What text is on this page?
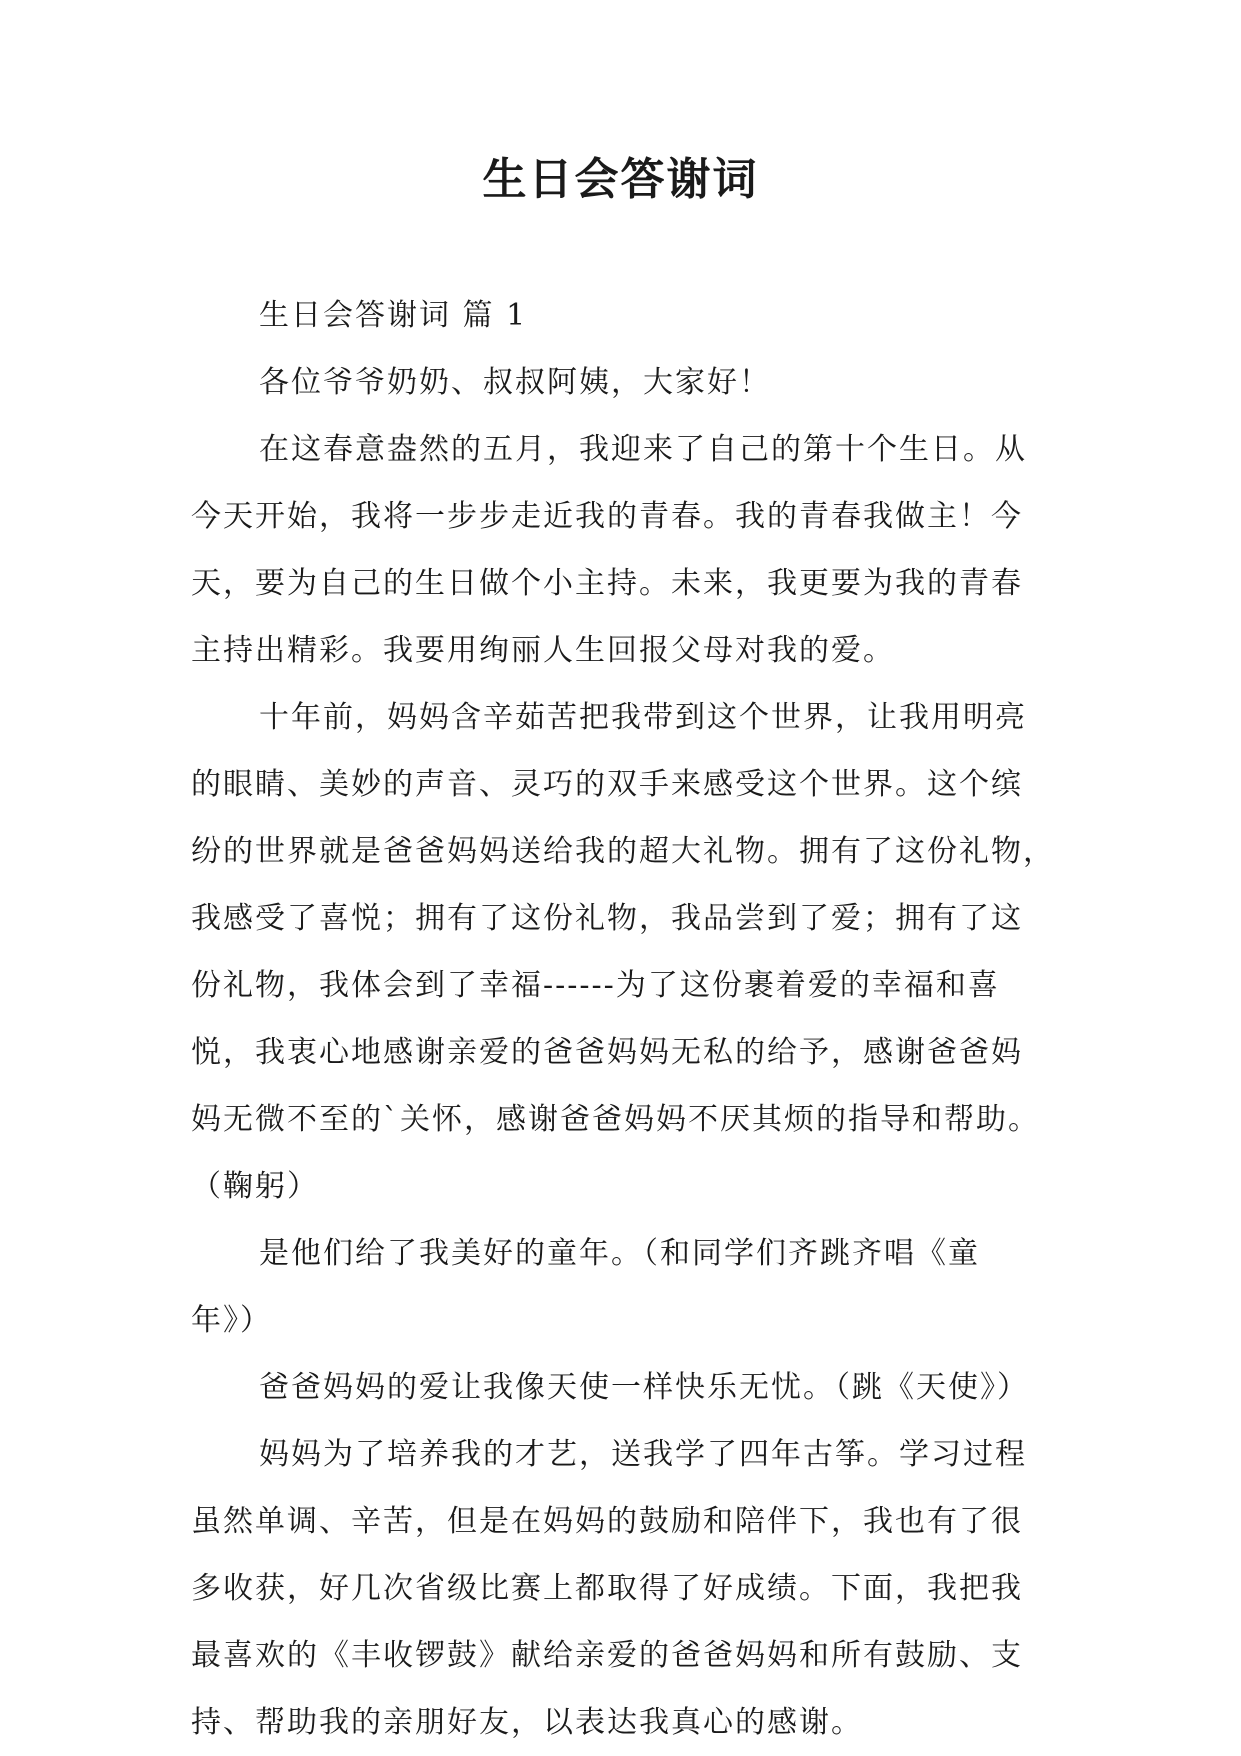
生日会答谢词
生日会答谢词 篇 1
各位爷爷奶奶、叔叔阿姨，大家好！
在这春意盎然的五月，我迎来了自己的第十个生日。从
今天开始，我将一步步走近我的青春。我的青春我做主！今
天，要为自己的生日做个小主持。未来，我更要为我的青春
主持出精彩。我要用绚丽人生回报父母对我的爱。
十年前，妈妈含辛茹苦把我带到这个世界，让我用明亮
的眼睛、美妙的声音、灵巧的双手来感受这个世界。这个缤
纷的世界就是爸爸妈妈送给我的超大礼物。拥有了这份礼物，
我感受了喜悦；拥有了这份礼物，我品尝到了爱；拥有了这
份礼物，我体会到了幸福------为了这份裹着爱的幸福和喜
悦，我衷心地感谢亲爱的爸爸妈妈无私的给予，感谢爸爸妈
妈无微不至的`关怀，感谢爸爸妈妈不厌其烦的指导和帮助。
（鞠躬）
是他们给了我美好的童年。（和同学们齐跳齐唱《童
年》）
爸爸妈妈的爱让我像天使一样快乐无忧。（跳《天使》）
妈妈为了培养我的才艺，送我学了四年古筝。学习过程
虽然单调、辛苦，但是在妈妈的鼓励和陪伴下，我也有了很
多收获，好几次省级比赛上都取得了好成绩。下面，我把我
最喜欢的《丰收锣鼓》献给亲爱的爸爸妈妈和所有鼓励、支
持、帮助我的亲朋好友，以表达我真心的感谢。
